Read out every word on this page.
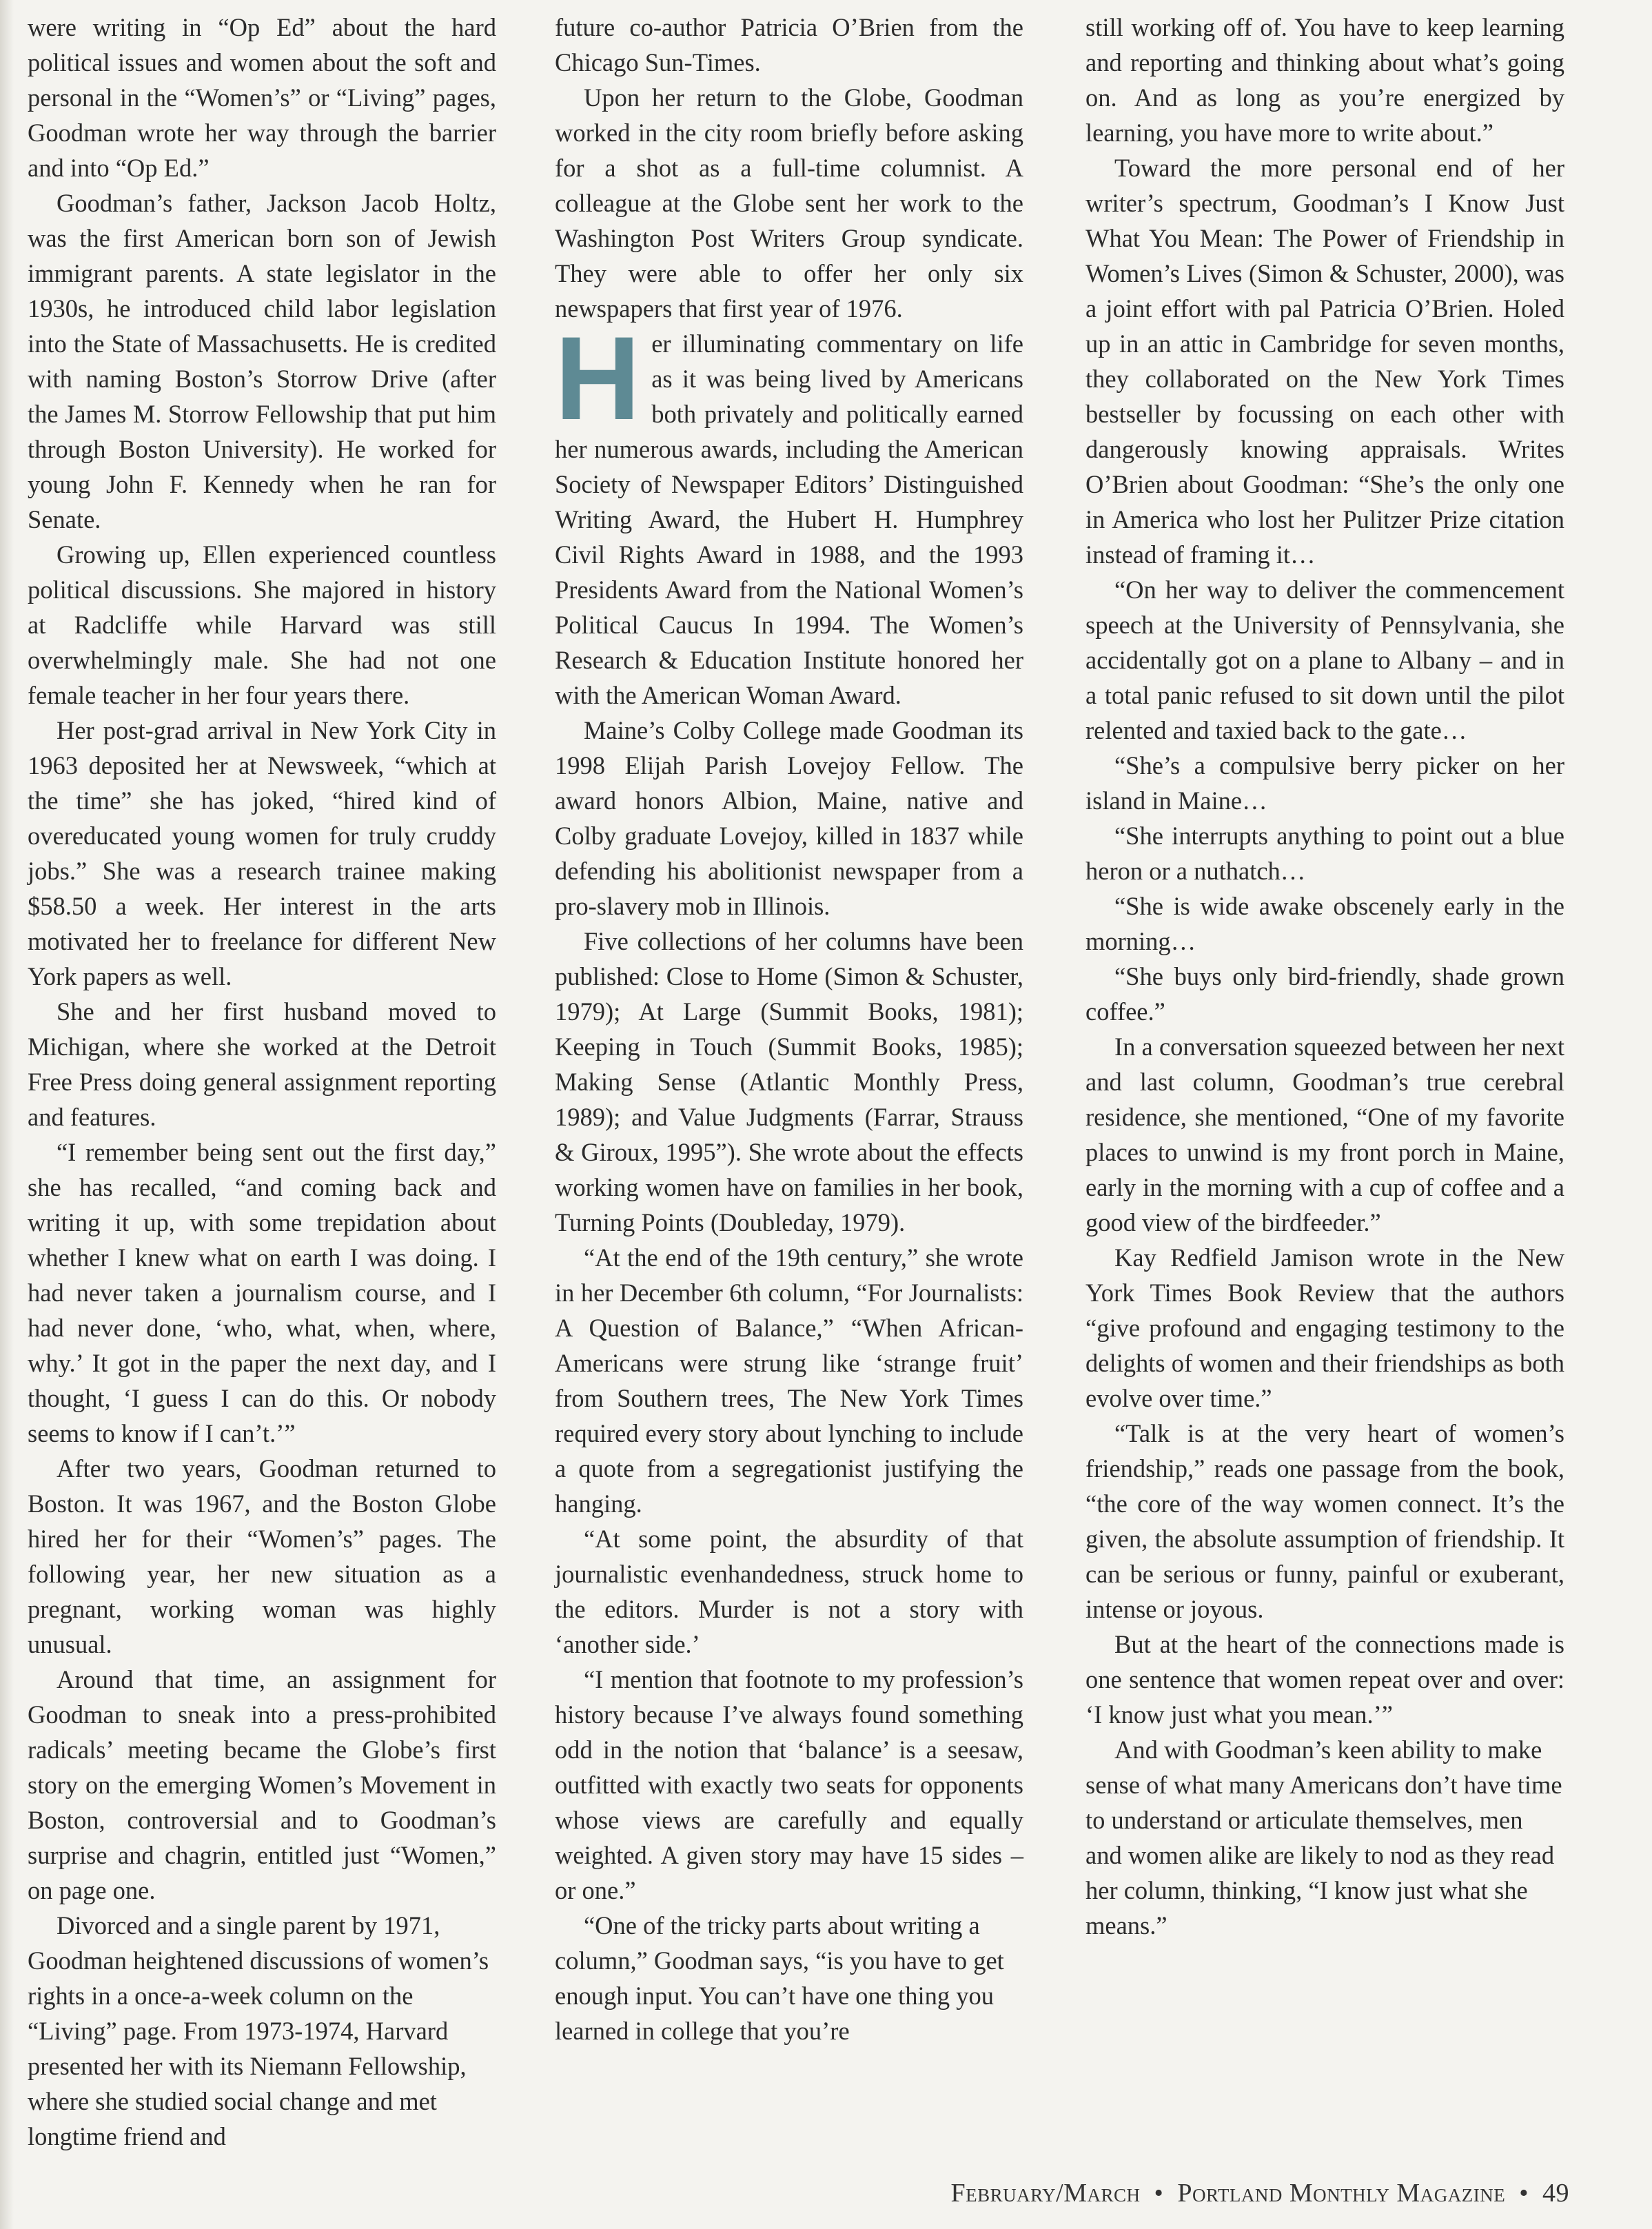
were writing in “Op Ed” about the hard political issues and women about the soft and personal in the “Women’s” or “Living” pages, Goodman wrote her way through the barrier and into “Op Ed.”

Goodman’s father, Jackson Jacob Holtz, was the first American born son of Jewish immigrant parents. A state legislator in the 1930s, he introduced child labor legislation into the State of Massachusetts. He is credited with naming Boston’s Storrow Drive (after the James M. Storrow Fellowship that put him through Boston University). He worked for young John F. Kennedy when he ran for Senate.

Growing up, Ellen experienced countless political discussions. She majored in history at Radcliffe while Harvard was still overwhelmingly male. She had not one female teacher in her four years there.

Her post-grad arrival in New York City in 1963 deposited her at Newsweek, “which at the time” she has joked, “hired kind of overeducated young women for truly cruddy jobs.” She was a research trainee making $58.50 a week. Her interest in the arts motivated her to freelance for different New York papers as well.

She and her first husband moved to Michigan, where she worked at the Detroit Free Press doing general assignment reporting and features.

“I remember being sent out the first day,” she has recalled, “and coming back and writing it up, with some trepidation about whether I knew what on earth I was doing. I had never taken a journalism course, and I had never done, ‘who, what, when, where, why.’ It got in the paper the next day, and I thought, ‘I guess I can do this. Or nobody seems to know if I can’t.’”

After two years, Goodman returned to Boston. It was 1967, and the Boston Globe hired her for their “Women’s” pages. The following year, her new situation as a pregnant, working woman was highly unusual.

Around that time, an assignment for Goodman to sneak into a press-prohibited radicals’ meeting became the Globe’s first story on the emerging Women’s Movement in Boston, controversial and to Goodman’s surprise and chagrin, entitled just “Women,” on page one.

Divorced and a single parent by 1971, Goodman heightened discussions of women’s rights in a once-a-week column on the “Living” page. From 1973-1974, Harvard presented her with its Niemann Fellowship, where she studied social change and met longtime friend and

future co-author Patricia O’Brien from the Chicago Sun-Times.

Upon her return to the Globe, Goodman worked in the city room briefly before asking for a shot as a full-time columnist. A colleague at the Globe sent her work to the Washington Post Writers Group syndicate. They were able to offer her only six newspapers that first year of 1976.

H er illuminating commentary on life as it was being lived by Americans both privately and politically earned her numerous awards, including the American Society of Newspaper Editors’ Distinguished Writing Award, the Hubert H. Humphrey Civil Rights Award in 1988, and the 1993 Presidents Award from the National Women’s Political Caucus In 1994. The Women’s Research & Education Institute honored her with the American Woman Award.

Maine’s Colby College made Goodman its 1998 Elijah Parish Lovejoy Fellow. The award honors Albion, Maine, native and Colby graduate Lovejoy, killed in 1837 while defending his abolitionist newspaper from a pro-slavery mob in Illinois.

Five collections of her columns have been published: Close to Home (Simon & Schuster, 1979); At Large (Summit Books, 1981); Keeping in Touch (Summit Books, 1985); Making Sense (Atlantic Monthly Press, 1989); and Value Judgments (Farrar, Strauss & Giroux, 1995”). She wrote about the effects working women have on families in her book, Turning Points (Doubleday, 1979).

“At the end of the 19th century,” she wrote in her December 6th column, “For Journalists: A Question of Balance,” “When African-Americans were strung like ‘strange fruit’ from Southern trees, The New York Times required every story about lynching to include a quote from a segregationist justifying the hanging.

“At some point, the absurdity of that journalistic evenhandedness, struck home to the editors. Murder is not a story with ‘another side.’

“I mention that footnote to my profession’s history because I’ve always found something odd in the notion that ‘balance’ is a seesaw, outfitted with exactly two seats for opponents whose views are carefully and equally weighted. A given story may have 15 sides – or one.”

“One of the tricky parts about writing a column,” Goodman says, “is you have to get enough input. You can’t have one thing you learned in college that you’re

still working off of. You have to keep learning and reporting and thinking about what’s going on. And as long as you’re energized by learning, you have more to write about.”

Toward the more personal end of her writer’s spectrum, Goodman’s I Know Just What You Mean: The Power of Friendship in Women’s Lives (Simon & Schuster, 2000), was a joint effort with pal Patricia O’Brien. Holed up in an attic in Cambridge for seven months, they collaborated on the New York Times bestseller by focussing on each other with dangerously knowing appraisals. Writes O’Brien about Goodman: “She’s the only one in America who lost her Pulitzer Prize citation instead of framing it…

“On her way to deliver the commencement speech at the University of Pennsylvania, she accidentally got on a plane to Albany – and in a total panic refused to sit down until the pilot relented and taxied back to the gate…

“She’s a compulsive berry picker on her island in Maine…

“She interrupts anything to point out a blue heron or a nuthatch…

“She is wide awake obscenely early in the morning…

“She buys only bird-friendly, shade grown coffee.”

In a conversation squeezed between her next and last column, Goodman’s true cerebral residence, she mentioned, “One of my favorite places to unwind is my front porch in Maine, early in the morning with a cup of coffee and a good view of the birdfeeder.”

Kay Redfield Jamison wrote in the New York Times Book Review that the authors “give profound and engaging testimony to the delights of women and their friendships as both evolve over time.”

“Talk is at the very heart of women’s friendship,” reads one passage from the book, “the core of the way women connect. It’s the given, the absolute assumption of friendship. It can be serious or funny, painful or exuberant, intense or joyous.

But at the heart of the connections made is one sentence that women repeat over and over: ‘I know just what you mean.’”

And with Goodman’s keen ability to make sense of what many Americans don’t have time to understand or articulate themselves, men and women alike are likely to nod as they read her column, thinking, “I know just what she means.”

February/March • Portland Monthly Magazine • 49
